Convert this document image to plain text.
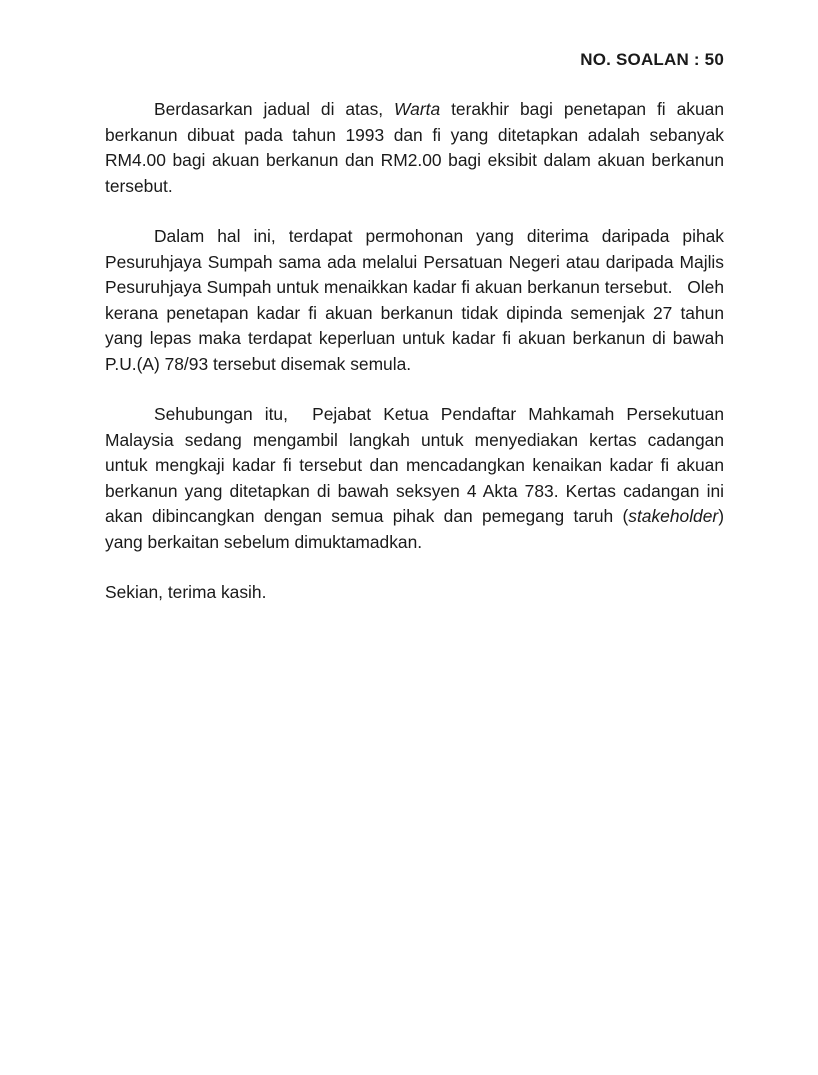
NO. SOALAN : 50

Berdasarkan jadual di atas, Warta terakhir bagi penetapan fi akuan berkanun dibuat pada tahun 1993 dan fi yang ditetapkan adalah sebanyak RM4.00 bagi akuan berkanun dan RM2.00 bagi eksibit dalam akuan berkanun tersebut.

Dalam hal ini, terdapat permohonan yang diterima daripada pihak Pesuruhjaya Sumpah sama ada melalui Persatuan Negeri atau daripada Majlis Pesuruhjaya Sumpah untuk menaikkan kadar fi akuan berkanun tersebut.   Oleh kerana penetapan kadar fi akuan berkanun tidak dipinda semenjak 27 tahun yang lepas maka terdapat keperluan untuk kadar fi akuan berkanun di bawah P.U.(A) 78/93 tersebut disemak semula.

Sehubungan itu,  Pejabat Ketua Pendaftar Mahkamah Persekutuan Malaysia sedang mengambil langkah untuk menyediakan kertas cadangan untuk mengkaji kadar fi tersebut dan mencadangkan kenaikan kadar fi akuan berkanun yang ditetapkan di bawah seksyen 4 Akta 783. Kertas cadangan ini akan dibincangkan dengan semua pihak dan pemegang taruh (stakeholder) yang berkaitan sebelum dimuktamadkan.

Sekian, terima kasih.
